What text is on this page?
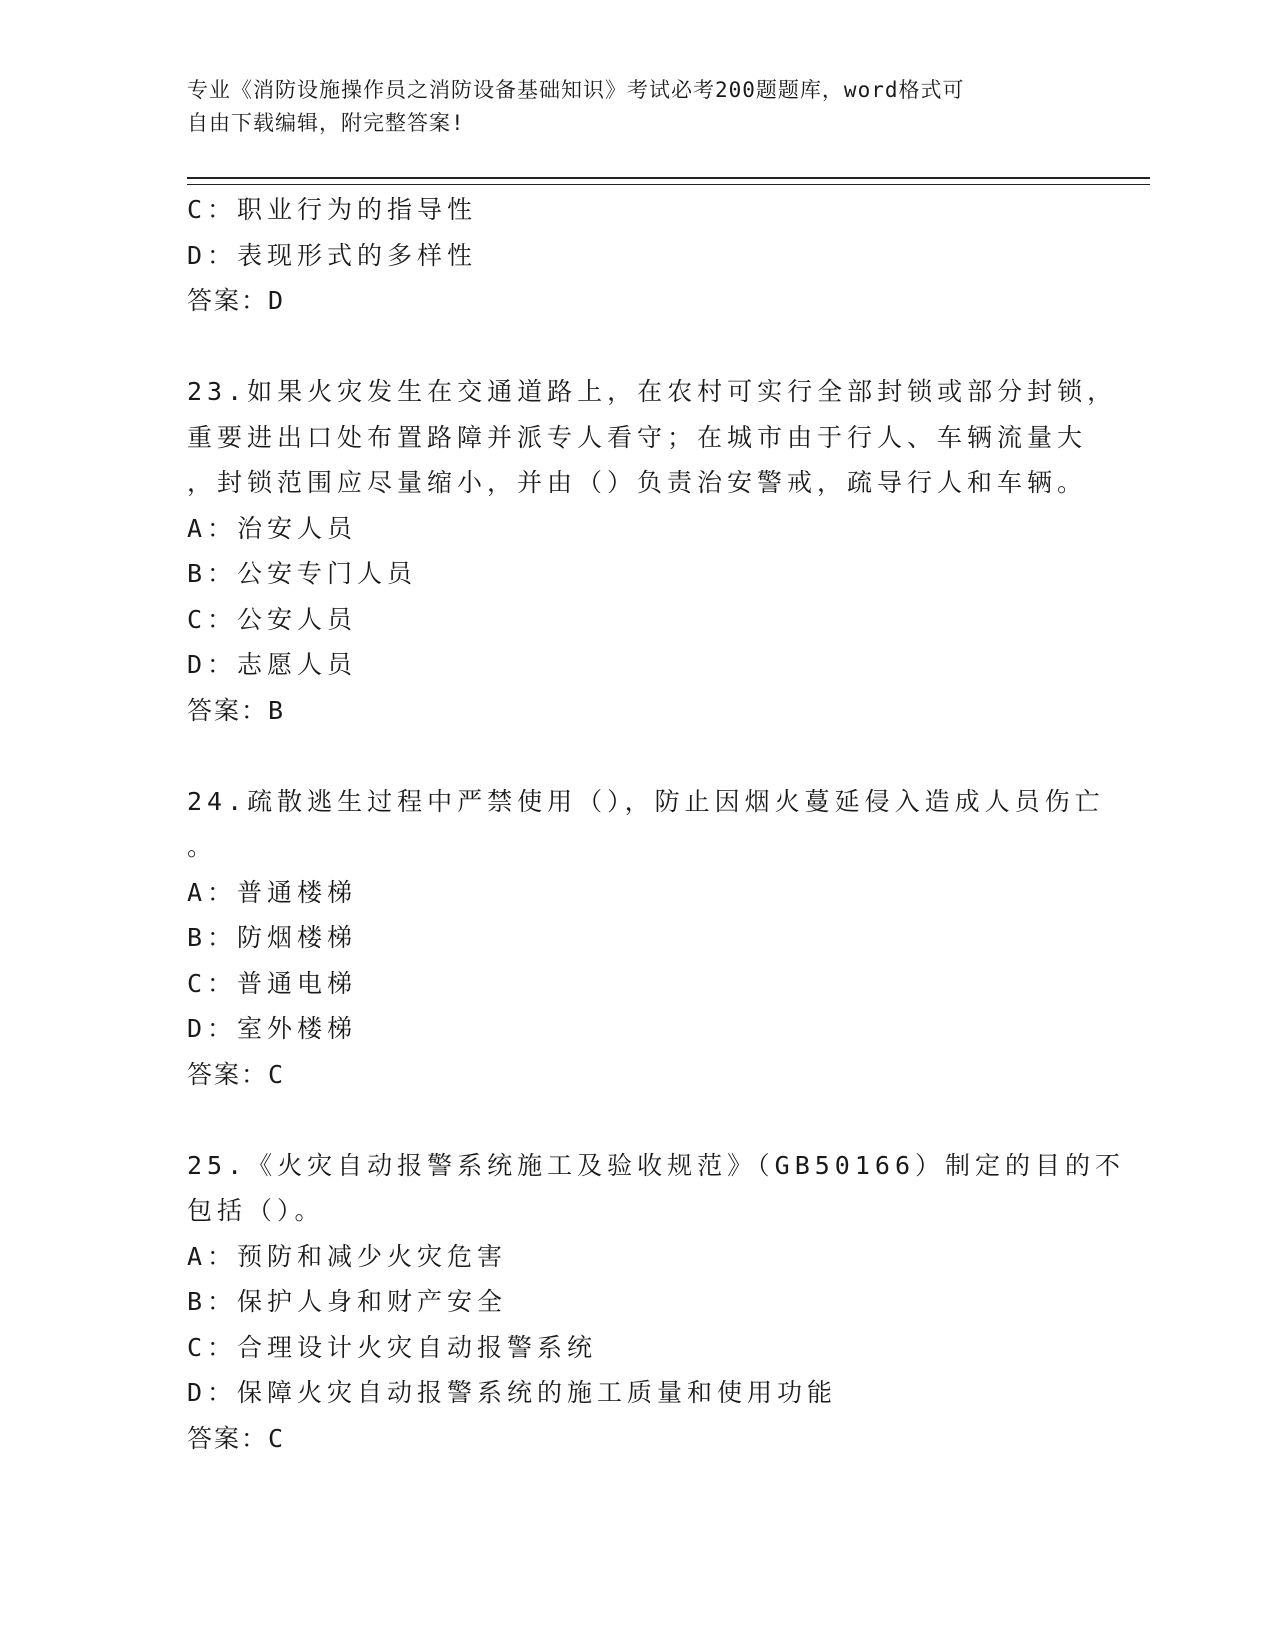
专业《消防设施操作员之消防设备基础知识》考试必考200题题库，word格式可
自由下载编辑，附完整答案!
C：职业行为的指导性
D：表现形式的多样性
答案：D
23.如果火灾发生在交通道路上，在农村可实行全部封锁或部分封锁，
重要进出口处布置路障并派专人看守；在城市由于行人、车辆流量大
，封锁范围应尽量缩小，并由（）负责治安警戒，疏导行人和车辆。
A：治安人员
B：公安专门人员
C：公安人员
D：志愿人员
答案：B
24.疏散逃生过程中严禁使用（），防止因烟火蔓延侵入造成人员伤亡
。
A：普通楼梯
B：防烟楼梯
C：普通电梯
D：室外楼梯
答案：C
25.《火灾自动报警系统施工及验收规范》（GB50166）制定的目的不
包括（）。
A：预防和减少火灾危害
B：保护人身和财产安全
C：合理设计火灾自动报警系统
D：保障火灾自动报警系统的施工质量和使用功能
答案：C
